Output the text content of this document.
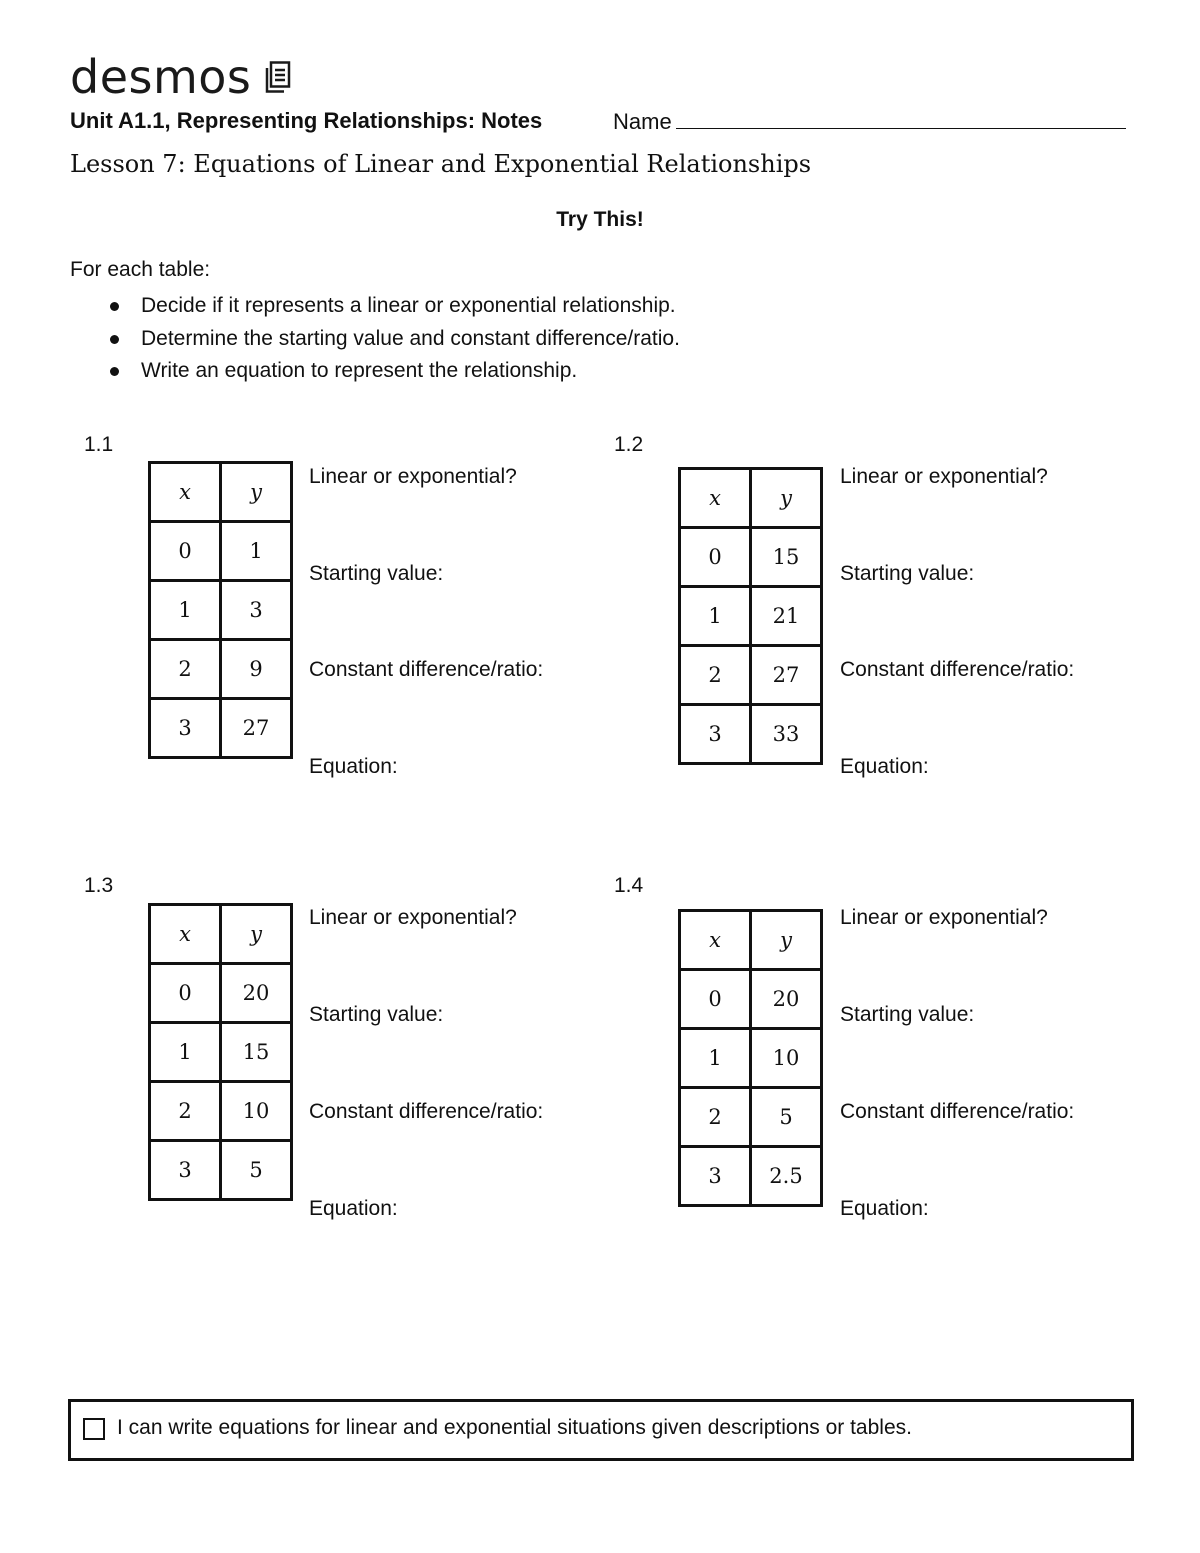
desmos
Unit A1.1, Representing Relationships: Notes	Name
Lesson 7: Equations of Linear and Exponential Relationships
Try This!
For each table:
Decide if it represents a linear or exponential relationship.
Determine the starting value and constant difference/ratio.
Write an equation to represent the relationship.
1.1
x	y
0	1
1	3
2	9
3	27
Linear or exponential?
Starting value:
Constant difference/ratio:
Equation:
1.2
x	y
0	15
1	21
2	27
3	33
Linear or exponential?
Starting value:
Constant difference/ratio:
Equation:
1.3
x	y
0	20
1	15
2	10
3	5
Linear or exponential?
Starting value:
Constant difference/ratio:
Equation:
1.4
x	y
0	20
1	10
2	5
3	2.5
Linear or exponential?
Starting value:
Constant difference/ratio:
Equation:
I can write equations for linear and exponential situations given descriptions or tables.
